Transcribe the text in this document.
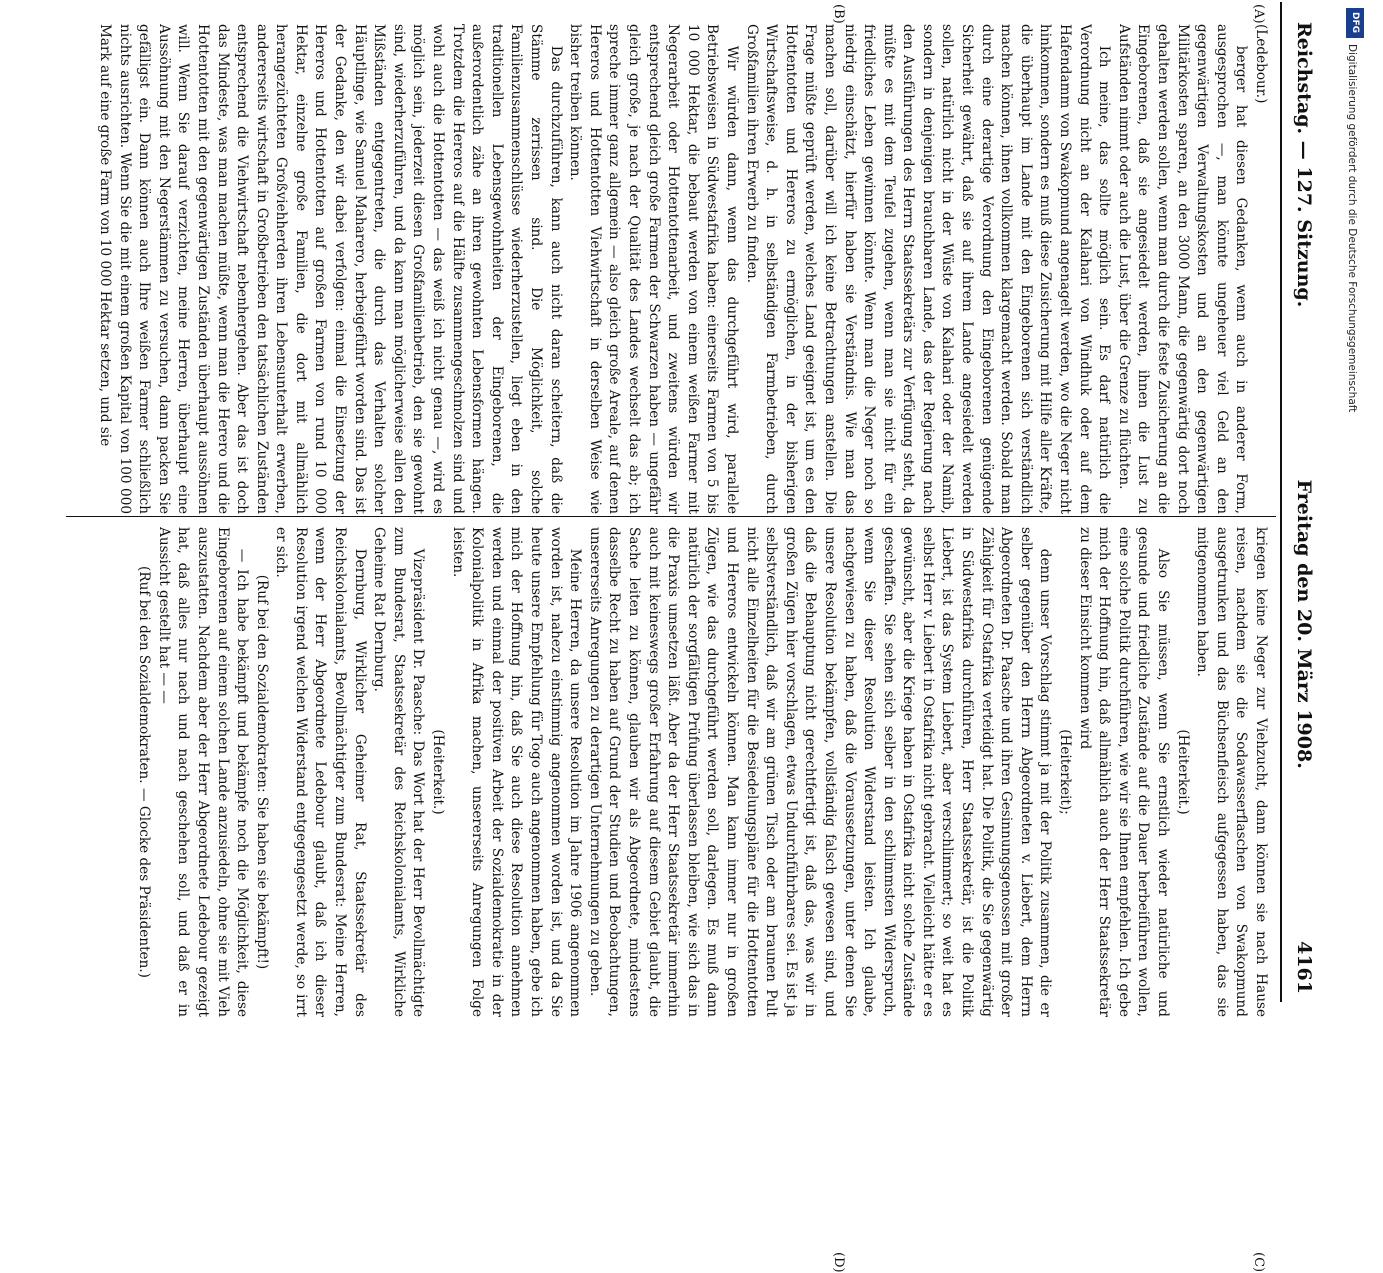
Reichstag. — 127. Sitzung.
Freitag den 20. März 1908.
4161

(Ledebour.)

berger hat diesen Gedanken, wenn auch in anderer Form, ausgesprochen —, man könnte ungeheuer viel Geld an den gegenwärtigen Verwaltungskosten und an den gegenwärtigen Militärkosten sparen, an den 3000 Mann, die gegenwärtig dort noch gehalten werden sollen, wenn man durch die feste Zusicherung an die Eingeborenen, daß sie angesiedelt werden, ihnen die Lust zu Aufständen nimmt oder auch die Lust, über die Grenze zu flüchten.

Ich meine, das sollte möglich sein. Es darf natürlich die Verordnung nicht an der Kalahari von Windhuk oder auf dem Hafendamm von Swakopmund angenagelt werden, wo die Neger nicht hinkommen, sondern es muß diese Zusicherung mit Hilfe aller Kräfte, die überhaupt im Lande mit den Eingeborenen sich verständlich machen können, ihnen vollkommen klargemacht werden. Sobald man durch eine derartige Verordnung den Eingeborenen genügende Sicherheit gewährt, daß sie auf ihrem Lande angesiedelt werden sollen, natürlich nicht in der Wüste von Kalahari oder der Namib, sondern in denjenigen brauchbaren Lande, das der Regierung nach den Ausführungen des Herrn Staatssekretärs zur Verfügung steht, da müßte es mit dem Teufel zugehen, wenn man sie nicht für ein friedliches Leben gewinnen könnte. Wenn man die Neger noch so niedrig einschätzt, hierfür haben sie Verständnis. Wie man das machen soll, darüber will ich keine Betrachtungen anstellen. Die Frage müßte geprüft werden, welches Land geeignet ist, um es den Hottentotten und Hereros zu ermöglichen, in der bisherigen Wirtschaftsweise, d. h. in selbständigen Farmbetrieben, durch Großfamilien ihren Erwerb zu finden.

Wir würden dann, wenn das durchgeführt wird, parallele Betriebsweisen in Südwestafrika haben: einerseits Farmen von 5 bis 10 000 Hektar, die bebaut werden von einem weißen Farmer mit Negerarbeit oder Hottentottenarbeit, und zweitens würden wir entsprechend gleich große Farmen der Schwarzen haben — ungefähr gleich große, je nach der Qualität des Landes wechselt das ab; ich spreche immer ganz allgemein — also gleich große Areale, auf denen Hereros und Hottentotten Viehwirtschaft in derselben Weise wie bisher treiben können.

Das durchzuführen, kann auch nicht daran scheitern, daß die Stämme zerrissen sind. Die Möglichkeit, solche Familienzusammenschlüsse wiederherzustellen, liegt eben in den traditionellen Lebensgewohnheiten der Eingeborenen, die außerordentlich zähe an ihren gewohnten Lebensformen hängen. Trotzdem die Hereros auf die Hälfte zusammengeschmolzen sind und wohl auch die Hottentotten — das weiß ich nicht genau —, wird es möglich sein, jederzeit diesen Großfamilienbetrieb, den sie gewohnt sind, wiederherzuführen, und da kann man möglicherweise allen den Mißständen entgegentreten, die durch das Verhalten solcher Häuptlinge, wie Samuel Maharero, herbeigeführt worden sind. Das ist der Gedanke, den wir dabei verfolgen: einmal die Einsetzung der Hereros und Hottentotten auf großen Farmen von rund 10 000 Hektar, einzelne große Familien, die dort mit allmählich herangezüchteten Großviehherden ihren Lebensunterhalt erwerben, andererseits wirtschaft in Großbetrieben den tatsächlichen Zuständen entsprechend die Viehwirtschaft nebenhergehen. Aber das ist doch das Mindeste, was man machen müßte, wenn man die Herero und die Hottentotten mit den gegenwärtigen Zuständen überhaupt aussöhnen will. Wenn Sie darauf verzichten, meine Herren, überhaupt eine Aussöhnung mit den Negerstämmen zu versuchen, dann packen Sie gefälligst ein. Dann können auch Ihre weißen Farmer schließlich nichts ausrichten. Wenn Sie die mit einem großen Kapital von 100 000 Mark auf eine große Farm von 10 000 Hektar setzen, und sie

kriegen keine Neger zur Viehzucht, dann können sie nach Hause reisen, nachdem sie die Sodawasserflaschen von Swakopmund ausgetrunken und das Büchsenfleisch aufgegessen haben, das sie mitgenommen haben.

(Heiterkeit.)

Also Sie müssen, wenn Sie ernstlich wieder natürliche und gesunde und friedliche Zustände auf die Dauer herbeiführen wollen, eine solche Politik durchführen, wie wir sie Ihnen empfehlen. Ich gebe mich der Hoffnung hin, daß allmählich auch der Herr Staatssekretär zu dieser Einsicht kommen wird

(Heiterkeit);

denn unser Vorschlag stimmt ja mit der Politik zusammen, die er selber gegenüber den Herrn Abgeordneten v. Liebert, dem Herrn Abgeordneten Dr. Paasche und ihren Gesinnungsgenossen mit großer Zähigkeit für Ostafrika verteidigt hat. Die Politik, die Sie gegenwärtig in Südwestafrika durchführen, Herr Staatssekretär, ist die Politik Liebert, ist das System Liebert, aber verschlimmert; so weit hat es selbst Herr v. Liebert in Ostafrika nicht gebracht. Vielleicht hätte er es gewünscht, aber die Kriege haben in Ostafrika nicht solche Zustände geschaffen. Sie sehen sich selber in den schlimmsten Widerspruch, wenn Sie dieser Resolution Widerstand leisten. Ich glaube, nachgewiesen zu haben, daß die Voraussetzungen, unter denen Sie unsere Resolution bekämpfen, vollständig falsch gewesen sind, und daß die Behauptung nicht gerechtfertigt ist, daß das, was wir in großen Zügen hier vorschlagen, etwas Undurchführbares sei. Es ist ja selbstverständlich, daß wir am grünen Tisch oder am braunen Pult nicht alle Einzelheiten für die Besiedelungspläne für die Hottentotten und Hereros entwickeln können. Man kann immer nur in großen Zügen, wie das durchgeführt werden soll, darlegen. Es muß dann natürlich der sorgfältigen Prüfung überlassen bleiben, wie sich das in die Praxis umsetzen läßt. Aber da der Herr Staatssekretär immerhin auch mit keineswegs großer Erfahrung auf diesem Gebiet glaubt, die Sache leiten zu können, glauben wir als Abgeordnete, mindestens dasselbe Recht zu haben auf Grund der Studien und Beobachtungen, unsererseits Anregungen zu derartigen Unternehmungen zu geben.

Meine Herren, da unsere Resolution im Jahre 1906 angenommen worden ist, nahezu einstimmig angenommen worden ist, und da Sie heute unsere Empfehlung für Togo auch angenommen haben, gebe ich mich der Hoffnung hin, daß Sie auch diese Resolution annehmen werden und einmal der positiven Arbeit der Sozialdemokratie in der Kolonialpolitik in Afrika machen, unsererseits Anregungen Folge leisten.

(Heiterkeit.)

Vizepräsident Dr. Paasche: Das Wort hat der Herr Bevollmächtigte zum Bundesrat, Staatssekretär des Reichskolonialamts, Wirkliche Geheime Rat Dernburg.

Dernburg, Wirklicher Geheimer Rat, Staatssekretär des Reichskolonialamts, Bevollmächtigter zum Bundesrat: Meine Herren, wenn der Herr Abgeordnete Ledebour glaubt, daß ich dieser Resolution irgend welchen Widerstand entgegengesetzt werde, so irrt er sich.

(Ruf bei den Sozialdemokraten: Sie haben sie bekämpft!)

— Ich habe bekämpft und bekämpfe noch die Möglichkeit, diese Eingeborenen auf einem solchen Lande anzusiedeln, ohne sie mit Vieh auszustatten. Nachdem aber der Herr Abgeordnete Ledebour gezeigt hat, daß alles nur nach und nach geschehen soll, und daß er in Aussicht gestellt hat — —

(Ruf bei den Sozialdemokraten. — Glocke des Präsidenten.)

(A)
(B)
(C)
(D)
DFG
Digitalisierung gefördert durch die Deutsche Forschungsgemeinschaft
